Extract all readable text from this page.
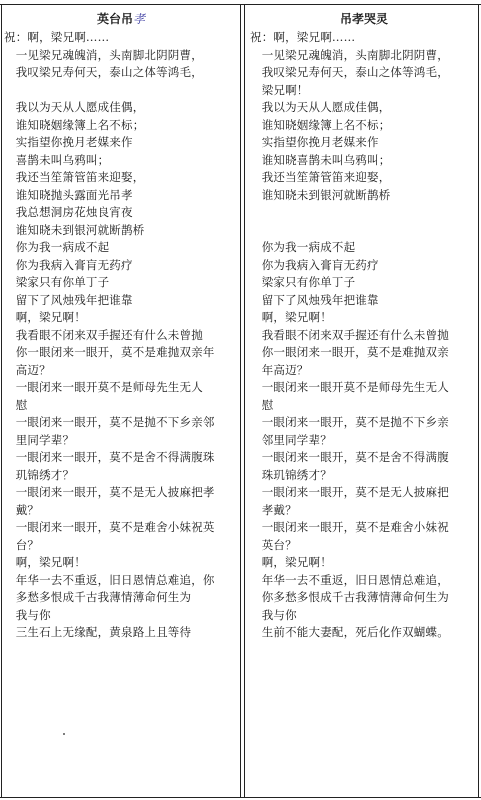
英台吊孝
祝：啊，梁兄啊……
　一见梁兄魂魄消，头南脚北阴阴曹，
　我叹梁兄寿何天，泰山之体等鸿毛，
　我以为天从人愿成佳偶，
　谁知晓姻缘簿上名不标；
　实指望你挽月老媒来作
　喜鹊未叫乌鸦叫；
　我还当笙箫管笛来迎娶，
　谁知晓抛头露面光吊孝
　我总想洞房花烛良宵夜
　谁知晓未到银河就断鹊桥
　你为我一病成不起
　你为我病入膏肓无药疗
　梁家只有你单丁子
　留下了风烛残年把谁靠
　啊，梁兄啊！
　我看眼不闭来双手握还有什么未曾抛
　你一眼闭来一眼开，莫不是难抛双亲年
　高迈？
　一眼闭来一眼开莫不是师母先生无人
　慰
　一眼闭来一眼开，莫不是抛不下乡亲邻
　里同学辈？
　一眼闭来一眼开，莫不是舍不得满腹珠
　玑锦绣才？
　一眼闭来一眼开，莫不是无人披麻把孝
　戴？
　一眼闭来一眼开，莫不是难舍小妹祝英
　台？
　啊，梁兄啊！
　年华一去不重返，旧日恩情总难追，你
　多愁多恨成千古我薄情薄命何生为
　我与你
　三生石上无缘配，黄泉路上且等待
吊孝哭灵
祝：啊，梁兄啊……
　一见梁兄魂魄消，头南脚北阴阴曹，
　我叹梁兄寿何天，泰山之体等鸿毛，
　梁兄啊！
　我以为天从人愿成佳偶，
　谁知晓姻缘簿上名不标；
　实指望你挽月老媒来作
　谁知晓喜鹊未叫乌鸦叫；
　我还当笙箫管笛来迎娶，
　谁知晓未到银河就断鹊桥
　你为我一病成不起
　你为我病入膏肓无药疗
　梁家只有你单丁子
　留下了风烛残年把谁靠
　啊，梁兄啊！
　我看眼不闭来双手握还有什么未曾抛
　你一眼闭来一眼开，莫不是难抛双亲
　年高迈？
　一眼闭来一眼开莫不是师母先生无人
　慰
　一眼闭来一眼开，莫不是抛不下乡亲
　邻里同学辈？
　一眼闭来一眼开，莫不是舍不得满腹
　珠玑锦绣才？
　一眼闭来一眼开，莫不是无人披麻把
　孝戴？
　一眼闭来一眼开，莫不是难舍小妹祝
　英台？
　啊，梁兄啊！
　年华一去不重返，旧日恩情总难追，
　你多愁多恨成千古我薄情薄命何生为
　我与你
　生前不能大妻配，死后化作双蝴蝶。
